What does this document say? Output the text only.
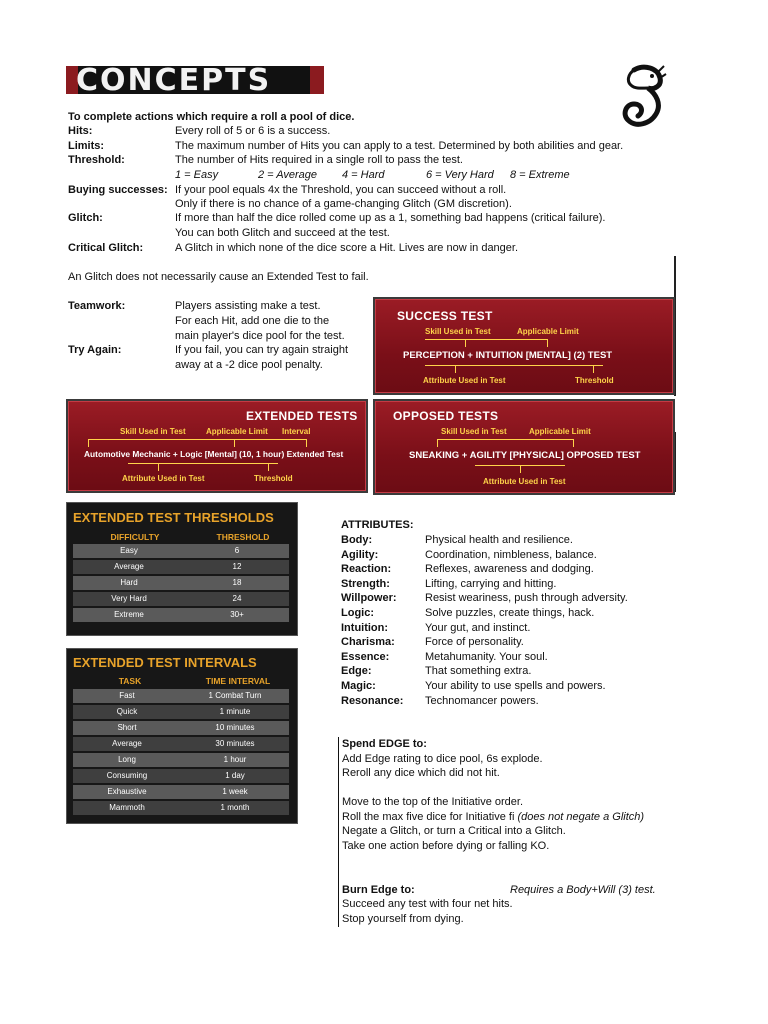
CONCEPTS
To complete actions which require a roll a pool of dice.
Hits:	Every roll of 5 or 6 is a success.
Limits:	The maximum number of Hits you can apply to a test. Determined by both abilities and gear.
Threshold:	The number of Hits required in a single roll to pass the test.
1 = Easy	2 = Average 4 = Hard	6 = Very Hard 8 = Extreme
Buying successes: If your pool equals 4x the Threshold, you can succeed without a roll.
Only if there is no chance of a game-changing Glitch (GM discretion).
Glitch:	If more than half the dice rolled come up as a 1, something bad happens (critical failure).
You can both Glitch and succeed at the test.
Critical Glitch:	A Glitch in which none of the dice score a Hit. Lives are now in danger.
An Glitch does not necessarily cause an Extended Test to fail.
Teamwork:	Players assisting make a test.
For each Hit, add one die to the
main player's dice pool for the test.
Try Again:	If you fail, you can try again straight
away at a -2 dice pool penalty.
SUCCESS TEST
Skill Used in Test	Applicable Limit
PERCEPTION + INTUITION [MENTAL] (2) TEST
Attribute Used in Test	Threshold
EXTENDED TESTS
Skill Used in Test	Applicable Limit Interval
Automotive Mechanic + Logic [Mental] (10, 1 hour) Extended Test
Attribute Used in Test	Threshold
OPPOSED TESTS
Skill Used in Test	Applicable Limit
SNEAKING + AGILITY [PHYSICAL] OPPOSED TEST
Attribute Used in Test
EXTENDED TEST THRESHOLDS
DIFFICULTY	THRESHOLD
Easy	6
Average	12
Hard	18
Very Hard	24
Extreme	30+
EXTENDED TEST INTERVALS
TASK	TIME INTERVAL
Fast	1 Combat Turn
Quick	1 minute
Short	10 minutes
Average	30 minutes
Long	1 hour
Consuming	1 day
Exhaustive	1 week
Mammoth	1 month
ATTRIBUTES:
Body:	Physical health and resilience.
Agility:	Coordination, nimbleness, balance.
Reaction:	Reflexes, awareness and dodging.
Strength:	Lifting, carrying and hitting.
Willpower:	Resist weariness, push through adversity.
Logic:	Solve puzzles, create things, hack.
Intuition:	Your gut, and instinct.
Charisma:	Force of personality.
Essence:	Metahumanity. Your soul.
Edge:	That something extra.
Magic:	Your ability to use spells and powers.
Resonance: Technomancer powers.
Spend EDGE to:
Add Edge rating to dice pool, 6s explode.
Reroll any dice which did not hit.
Move to the top of the Initiative order.
Roll the max five dice for Initiative fi (does not negate a Glitch)
Negate a Glitch, or turn a Critical into a Glitch.
Take one action before dying or falling KO.
Burn Edge to:	Requires a Body+Will (3) test.
Succeed any test with four net hits.
Stop yourself from dying.
